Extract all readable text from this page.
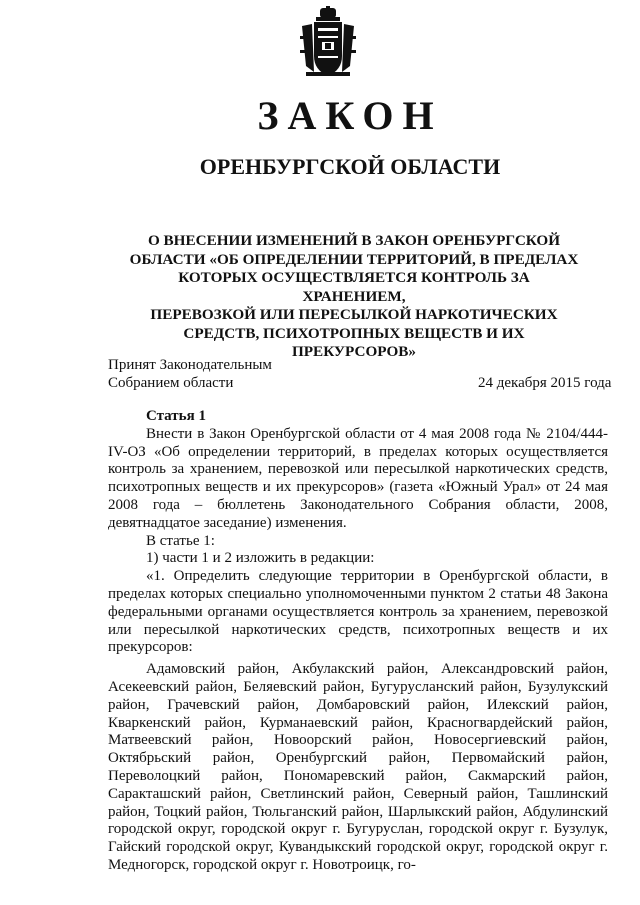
ЗАКОН
ОРЕНБУРГСКОЙ ОБЛАСТИ
О ВНЕСЕНИИ ИЗМЕНЕНИЙ В ЗАКОН ОРЕНБУРГСКОЙ
ОБЛАСТИ «ОБ ОПРЕДЕЛЕНИИ ТЕРРИТОРИЙ, В ПРЕДЕЛАХ
КОТОРЫХ ОСУЩЕСТВЛЯЕТСЯ КОНТРОЛЬ ЗА ХРАНЕНИЕМ,
ПЕРЕВОЗКОЙ ИЛИ ПЕРЕСЫЛКОЙ НАРКОТИЧЕСКИХ
СРЕДСТВ, ПСИХОТРОПНЫХ ВЕЩЕСТВ И ИХ ПРЕКУРСОРОВ»
Принят Законодательным
Собранием области	24 декабря 2015 года

Статья 1

Внести в Закон Оренбургской области от 4 мая 2008 года № 2104/444-IV-ОЗ «Об определении территорий, в пределах которых осуществляется контроль за хранением, перевозкой или пересылкой наркотических средств, психотропных веществ и их прекурсоров» (газета «Южный Урал» от 24 мая 2008 года – бюллетень Законодательного Собрания области, 2008, девятнадцатое заседание) изменения.

В статье 1:

1) части 1 и 2 изложить в редакции:

«1. Определить следующие территории в Оренбургской области, в пределах которых специально уполномоченными пунктом 2 статьи 48 Закона федеральными органами осуществляется контроль за хранением, перевозкой или пересылкой наркотических средств, психотропных веществ и их прекурсоров:

Адамовский район, Акбулакский район, Александровский район, Асекеевский район, Беляевский район, Бугурусланский район, Бузулукский район, Грачевский район, Домбаровский район, Илекский район, Кваркенский район, Курманаевский район, Красногвардейский район, Матвеевский район, Новоорский район, Новосергиевский район, Октябрьский район, Оренбургский район, Первомайский район, Переволоцкий район, Пономаревский район, Сакмарский район, Саракташский район, Светлинский район, Северный район, Ташлинский район, Тоцкий район, Тюльганский район, Шарлыкский район, Абдулинский городской округ, городской округ г. Бугуруслан, городской округ г. Бузулук, Гайский городской округ, Кувандыкский городской округ, городской округ г. Медногорск, городской округ г. Новотроицк, го-
